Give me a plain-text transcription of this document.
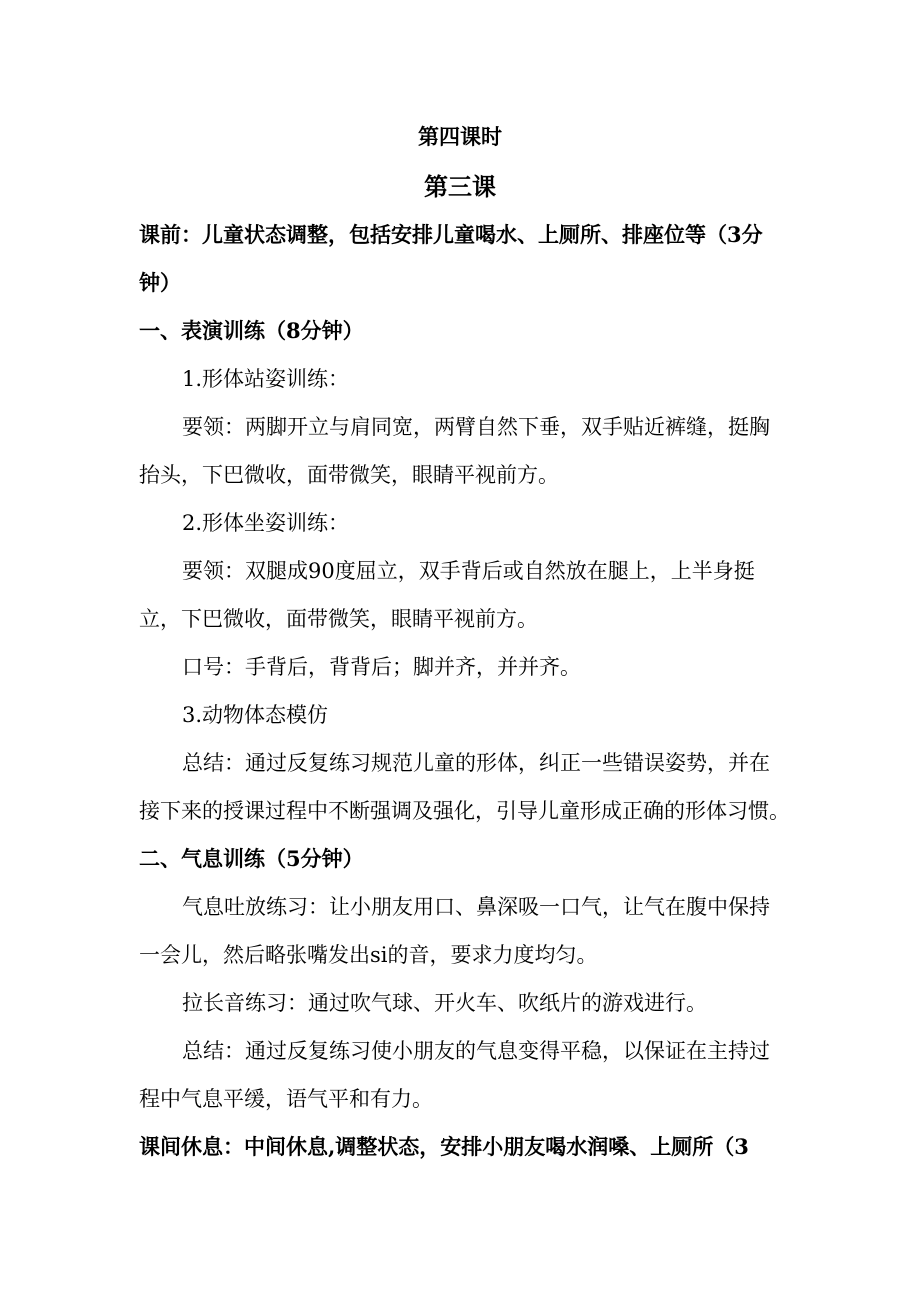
第四课时
第三课
课前：儿童状态调整，包括安排儿童喝水、上厕所、排座位等（3分
钟）
一、表演训练（8分钟）
1.形体站姿训练：
要领：两脚开立与肩同宽，两臂自然下垂，双手贴近裤缝，挺胸
抬头，下巴微收，面带微笑，眼睛平视前方。
2.形体坐姿训练：
要领：双腿成90度屈立，双手背后或自然放在腿上，上半身挺
立，下巴微收，面带微笑，眼睛平视前方。
口号：手背后，背背后；脚并齐，并并齐。
3.动物体态模仿
总结：通过反复练习规范儿童的形体，纠正一些错误姿势，并在
接下来的授课过程中不断强调及强化，引导儿童形成正确的形体习惯。
二、气息训练（5分钟）
气息吐放练习：让小朋友用口、鼻深吸一口气，让气在腹中保持
一会儿，然后略张嘴发出si的音，要求力度均匀。
拉长音练习：通过吹气球、开火车、吹纸片的游戏进行。
总结：通过反复练习使小朋友的气息变得平稳，以保证在主持过
程中气息平缓，语气平和有力。
课间休息：中间休息,调整状态，安排小朋友喝水润嗓、上厕所（3
